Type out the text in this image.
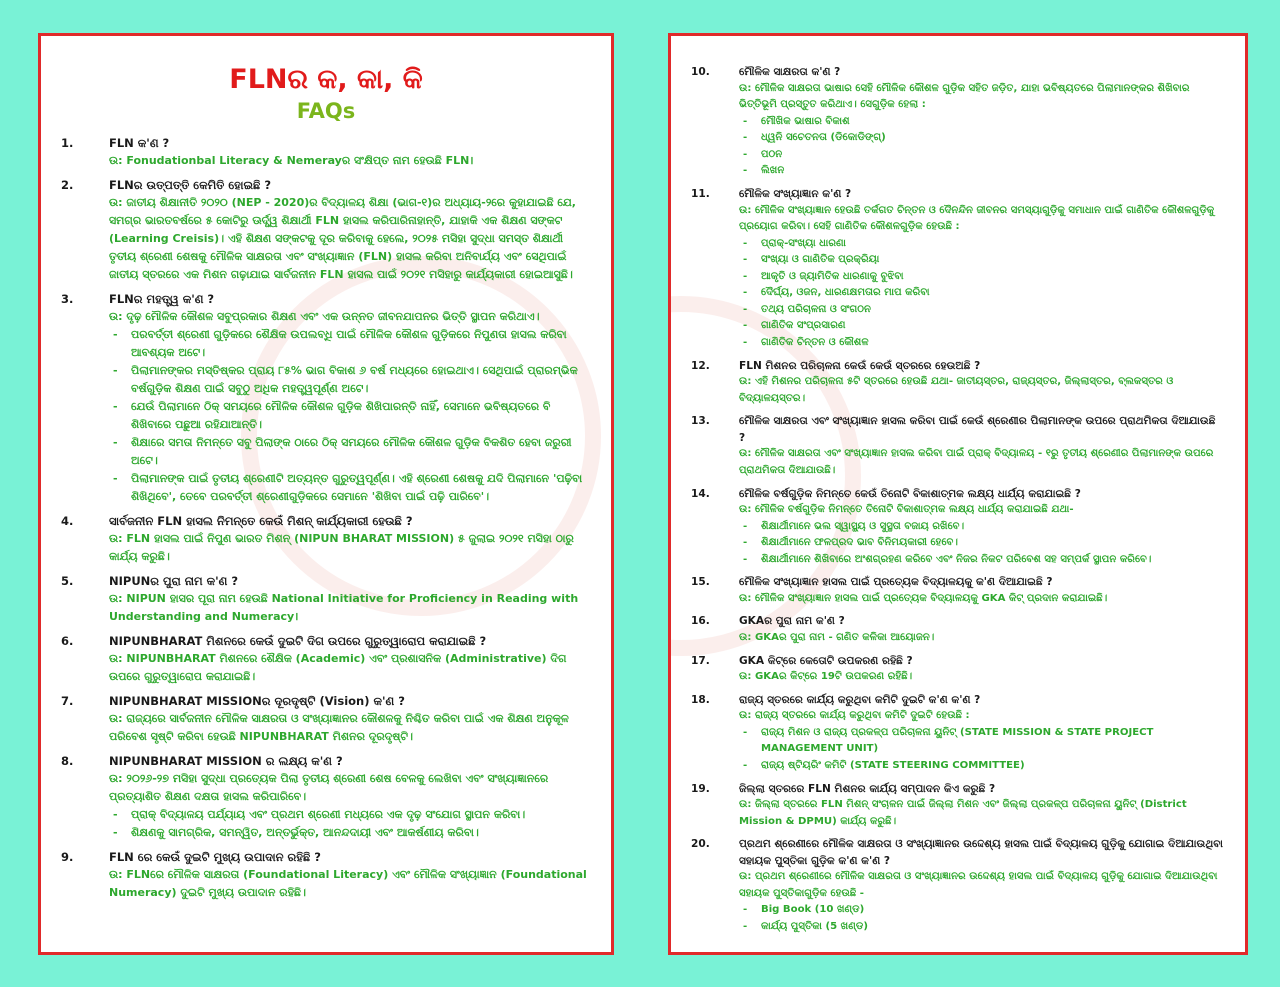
FLNର କ, କା, କି
FAQs
1.	FLN କ'ଣ ?
ଉ: Fonudationbal Literacy & Nemerayର ସଂକ୍ଷିପ୍ତ ନାମ ହେଉଛି FLN।
2.	FLNର ଉତ୍ପତ୍ତି କେମିତି ହୋଇଛି ?
ଉ: ଜାତୀୟ ଶିକ୍ଷାନୀତି ୨୦୨୦ (NEP - 2020)ର ବିଦ୍ୟାଳୟ ଶିକ୍ଷା (ଭାଗ-୧)ର ଅଧ୍ୟାୟ-୨ରେ କୁହାଯାଇଛି ଯେ, ସମଗ୍ର ଭାରତବର୍ଷରେ ୫ କୋଟିରୁ ଊର୍ଦ୍ଧ୍ୱ ଶିକ୍ଷାର୍ଥୀ FLN ହାସଲ କରିପାରିନାହାନ୍ତି, ଯାହାକି ଏକ ଶିକ୍ଷଣ ସଙ୍କଟ (Learning Creisis)। ଏହି ଶିକ୍ଷଣ ସଙ୍କଟକୁ ଦୂର କରିବାକୁ ହେଲେ, ୨୦୨୫ ମସିହା ସୁଦ୍ଧା ସମସ୍ତ ଶିକ୍ଷାର୍ଥୀ ତୃତୀୟ ଶ୍ରେଣୀ ଶେଷକୁ ମୌଳିକ ସାକ୍ଷରତା ଏବଂ ସଂଖ୍ୟାଜ୍ଞାନ (FLN) ହାସଲ କରିବା ଅନିବାର୍ଯ୍ୟ ଏବଂ ସେଥିପାଇଁ ଜାତୀୟ ସ୍ତରରେ ଏକ ମିଶନ ଗଢ଼ାଯାଇ ସାର୍ବଜନୀନ FLN ହାସଲ ପାଇଁ ୨୦୨୧ ମସିହାରୁ କାର୍ଯ୍ୟକାରୀ ହୋଇଆସୁଛି।
3.	FLNର ମହତ୍ତ୍ୱ କ'ଣ ?
ଉ: ଦୃଢ଼ ମୌଳିକ କୌଶଳ ସବୁପ୍ରକାର ଶିକ୍ଷଣ ଏବଂ ଏକ ଉନ୍ନତ ଜୀବନଯାପନର ଭିତ୍ତି ସ୍ଥାପନ କରିଥାଏ।
- ପରବର୍ତ୍ତୀ ଶ୍ରେଣୀ ଗୁଡ଼ିକରେ ଶୈକ୍ଷିକ ଉପଲବ୍ଧି ପାଇଁ ମୌଳିକ କୌଶଳ ଗୁଡ଼ିକରେ ନିପୁଣତା ହାସଲ କରିବା ଆବଶ୍ୟକ ଅଟେ।
- ପିଲାମାନଙ୍କର ମସ୍ତିଷ୍କର ପ୍ରାୟ ୮୫% ଭାଗ ବିକାଶ ୬ ବର୍ଷ ମଧ୍ୟରେ ହୋଇଥାଏ। ସେଥିପାଇଁ ପ୍ରାରମ୍ଭିକ ବର୍ଷଗୁଡ଼ିକ ଶିକ୍ଷଣ ପାଇଁ ସବୁଠୁ ଅଧିକ ମହତ୍ତ୍ୱପୂର୍ଣ୍ଣ ଅଟେ।
- ଯେଉଁ ପିଲାମାନେ ଠିକ୍ ସମୟରେ ମୌଳିକ କୌଶଳ ଗୁଡ଼ିକ ଶିଖିପାରନ୍ତି ନାହିଁ, ସେମାନେ ଭବିଷ୍ୟତରେ ବି ଶିଖିବାରେ ପଛୁଆ ରହିଯାଆନ୍ତି।
- ଶିକ୍ଷାରେ ସମତା ନିମନ୍ତେ ସବୁ ପିଲାଙ୍କ ଠାରେ ଠିକ୍ ସମୟରେ ମୌଳିକ କୌଶଳ ଗୁଡ଼ିକ ବିକଶିତ ହେବା ଜରୁରୀ ଅଟେ।
- ପିଲାମାନଙ୍କ ପାଇଁ ତୃତୀୟ ଶ୍ରେଣୀଟି ଅତ୍ୟନ୍ତ ଗୁରୁତ୍ୱପୂର୍ଣ୍ଣ। ଏହି ଶ୍ରେଣୀ ଶେଷକୁ ଯଦି ପିଲାମାନେ 'ପଢ଼ିବା ଶିଖିଥିବେ', ତେବେ ପରବର୍ତ୍ତୀ ଶ୍ରେଣୀଗୁଡ଼ିକରେ ସେମାନେ 'ଶିଖିବା ପାଇଁ ପଢ଼ି ପାରିବେ'।
4.	ସାର୍ବଜନୀନ FLN ହାସଲ ନିମନ୍ତେ କେଉଁ ମିଶନ୍ କାର୍ଯ୍ୟକାରୀ ହେଉଛି ?
ଉ: FLN ହାସଲ ପାଇଁ ନିପୁଣ ଭାରତ ମିଶନ୍ (NIPUN BHARAT MISSION) ୫ ଜୁଲାଇ ୨୦୨୧ ମସିହା ଠାରୁ କାର୍ଯ୍ୟ କରୁଛି।
5.	NIPUNର ପୁରା ନାମ କ'ଣ ?
ଉ: NIPUN ହାସର ପୂରା ନାମ ହେଉଛି National Initiative for Proficiency in Reading with Understanding and Numeracy।
6.	NIPUNBHARAT ମିଶନରେ କେଉଁ ଦୁଇଟି ଦିଗ ଉପରେ ଗୁରୁତ୍ୱାରୋପ କରାଯାଇଛି ?
ଉ: NIPUNBHARAT ମିଶନରେ ଶୈକ୍ଷିକ (Academic) ଏବଂ ପ୍ରଶାସନିକ (Administrative) ଦିଗ ଉପରେ ଗୁରୁତ୍ୱାରୋପ କରାଯାଇଛି।
7.	NIPUNBHARAT MISSIONର ଦୂରଦୃଷ୍ଟି (Vision) କ'ଣ ?
ଉ: ରାଜ୍ୟରେ ସାର୍ବଜନୀନ ମୌଳିକ ସାକ୍ଷରତା ଓ ସଂଖ୍ୟାଜ୍ଞାନର କୌଶଳକୁ ନିଶ୍ଚିତ କରିବା ପାଇଁ ଏକ ଶିକ୍ଷଣ ଅନୁକୂଳ ପରିବେଶ ସୃଷ୍ଟି କରିବା ହେଉଛି NIPUNBHARAT ମିଶନର ଦୂରଦୃଷ୍ଟି।
8.	NIPUNBHARAT MISSION ର ଲକ୍ଷ୍ୟ କ'ଣ ?
ଉ: ୨୦୨୬-୨୭ ମସିହା ସୁଦ୍ଧା ପ୍ରତ୍ୟେକ ପିଲା ତୃତୀୟ ଶ୍ରେଣୀ ଶେଷ ବେଳକୁ ଲେଖିବା ଏବଂ ସଂଖ୍ୟାଜ୍ଞାନରେ ପ୍ରତ୍ୟାଶିତ ଶିକ୍ଷଣ ଦକ୍ଷତା ହାସଲ କରିପାରିବେ।
- ପ୍ରାକ୍ ବିଦ୍ୟାଳୟ ପର୍ଯ୍ୟାୟ ଏବଂ ପ୍ରଥମ ଶ୍ରେଣୀ ମଧ୍ୟରେ ଏକ ଦୃଢ଼ ସଂଯୋଗ ସ୍ଥାପନ କରିବା।
- ଶିକ୍ଷଣକୁ ସାମଗ୍ରିକ, ସମନ୍ୱିତ, ଅନ୍ତର୍ଭୁକ୍ତ, ଆନନ୍ଦଦାୟୀ ଏବଂ ଆକର୍ଷଣୀୟ କରିବା।
9.	FLN ରେ କେଉଁ ଦୁଇଟି ମୁଖ୍ୟ ଉପାଦାନ ରହିଛି ?
ଉ: FLNରେ ମୌଳିକ ସାକ୍ଷରତା (Foundational Literacy) ଏବଂ ମୌଳିକ ସଂଖ୍ୟାଜ୍ଞାନ (Foundational Numeracy) ଦୁଇଟି ମୁଖ୍ୟ ଉପାଦାନ ରହିଛି।
10.	ମୌଳିକ ସାକ୍ଷରତା କ'ଣ ?
ଉ: ମୌଳିକ ସାକ୍ଷରତା ଭାଷାର ସେହି ମୌଳିକ କୌଶଳ ଗୁଡ଼ିକ ସହିତ ଜଡ଼ିତ, ଯାହା ଭବିଷ୍ୟତରେ ପିଲାମାନଙ୍କର ଶିଖିବାର ଭିତ୍ତିଭୂମି ପ୍ରସ୍ତୁତ କରିଥାଏ। ସେଗୁଡ଼ିକ ହେଲା :
- ମୌଖିକ ଭାଷାର ବିକାଶ
- ଧ୍ୱନି ସଚେତନତା (ଡିକୋଡିଙ୍ଗ୍)
- ପଠନ
- ଲିଖନ
11.	ମୌଳିକ ସଂଖ୍ୟାଜ୍ଞାନ କ'ଣ ?
ଉ: ମୌଳିକ ସଂଖ୍ୟାଜ୍ଞାନ ହେଉଛି ତର୍କଗତ ଚିନ୍ତନ ଓ ଦୈନନ୍ଦିନ ଜୀବନର ସମସ୍ୟାଗୁଡ଼ିକୁ ସମାଧାନ ପାଇଁ ଗାଣିତିକ କୌଶଳଗୁଡ଼ିକୁ ପ୍ରୟୋଗ କରିବା। ସେହି ଗାଣିତିକ କୌଶଳଗୁଡ଼ିକ ହେଉଛି :
- ପ୍ରାକ୍-ସଂଖ୍ୟା ଧାରଣା
- ସଂଖ୍ୟା ଓ ଗାଣିତିକ ପ୍ରକ୍ରିୟା
- ଆକୃତି ଓ ଜ୍ୟାମିତିକ ଧାରଣାକୁ ବୁଝିବା
- ଦୈର୍ଘ୍ୟ, ଓଜନ, ଧାରଣକ୍ଷମତାର ମାପ କରିବା
- ତଥ୍ୟ ପରିଚାଳନା ଓ ସଂଗଠନ
- ଗାଣିତିକ ସଂପ୍ରସାରଣ
- ଗାଣିତିକ ଚିନ୍ତନ ଓ କୌଶଳ
12.	FLN ମିଶନର ପରିଚାଳନା କେଉଁ କେଉଁ ସ୍ତରରେ ହେଉଅଛି ?
ଉ: ଏହି ମିଶନର ପରିଚାଳନା ୫ଟି ସ୍ତରରେ ହେଉଛି ଯଥା- ଜାତୀୟସ୍ତର, ରାଜ୍ୟସ୍ତର, ଜିଲ୍ଲାସ୍ତର, ବ୍ଲକସ୍ତର ଓ ବିଦ୍ୟାଳୟସ୍ତର।
13.	ମୌଳିକ ସାକ୍ଷରତା ଏବଂ ସଂଖ୍ୟାଜ୍ଞାନ ହାସଲ କରିବା ପାଇଁ କେଉଁ ଶ୍ରେଣୀର ପିଲାମାନଙ୍କ ଉପରେ ପ୍ରାଥମିକତା ଦିଆଯାଉଛି ?
ଉ: ମୌଳିକ ସାକ୍ଷରତା ଏବଂ ସଂଖ୍ୟାଜ୍ଞାନ ହାସଲ କରିବା ପାଇଁ ପ୍ରାକ୍ ବିଦ୍ୟାଳୟ - ୧ରୁ ତୃତୀୟ ଶ୍ରେଣୀର ପିଲାମାନଙ୍କ ଉପରେ ପ୍ରାଥମିକତା ଦିଆଯାଉଛି।
14.	ମୌଳିକ ବର୍ଷଗୁଡ଼ିକ ନିମନ୍ତେ କେଉଁ ତିନୋଟି ବିକାଶାତ୍ମକ ଲକ୍ଷ୍ୟ ଧାର୍ଯ୍ୟ କରାଯାଇଛି ?
ଉ: ମୌଳିକ ବର୍ଷଗୁଡ଼ିକ ନିମନ୍ତେ ତିନୋଟି ବିକାଶାତ୍ମକ ଲକ୍ଷ୍ୟ ଧାର୍ଯ୍ୟ କରାଯାଇଛି ଯଥା-
- ଶିକ୍ଷାର୍ଥୀମାନେ ଭଲ ସ୍ୱାସ୍ଥ୍ୟ ଓ ସୁସ୍ଥତା ବଜାୟ ରଖିବେ।
- ଶିକ୍ଷାର୍ଥୀମାନେ ଫଳପ୍ରଦ ଭାବ ବିନିମୟକାରୀ ହେବେ।
- ଶିକ୍ଷାର୍ଥୀମାନେ ଶିଖିବାରେ ଅଂଶଗ୍ରହଣ କରିବେ ଏବଂ ନିଜର ନିକଟ ପରିବେଶ ସହ ସମ୍ପର୍କ ସ୍ଥାପନ କରିବେ।
15.	ମୌଳିକ ସଂଖ୍ୟାଜ୍ଞାନ ହାସଲ ପାଇଁ ପ୍ରତ୍ୟେକ ବିଦ୍ୟାଳୟକୁ କ'ଣ ଦିଆଯାଇଛି ?
ଉ: ମୌଳିକ ସଂଖ୍ୟାଜ୍ଞାନ ହାସଲ ପାଇଁ ପ୍ରତ୍ୟେକ ବିଦ୍ୟାଳୟକୁ GKA କିଟ୍ ପ୍ରଦାନ କରାଯାଇଛି।
16.	GKAର ପୁରା ନାମ କ'ଣ ?
ଉ: GKAର ପୁରା ନାମ - ଗଣିତ କଳିକା ଆୟୋଜନ।
17.	GKA କିଟ୍‌ରେ କେତୋଟି ଉପକରଣ ରହିଛି ?
ଉ: GKAର କିଟ୍‌ରେ 19ଟି ଉପକରଣ ରହିଛି।
18.	ରାଜ୍ୟ ସ୍ତରରେ କାର୍ଯ୍ୟ କରୁଥିବା କମିଟି ଦୁଇଟି କ'ଣ କ'ଣ ?
ଉ: ରାଜ୍ୟ ସ୍ତରରେ କାର୍ଯ୍ୟ କରୁଥିବା କମିଟି ଦୁଇଟି ହେଉଛି :
- ରାଜ୍ୟ ମିଶନ ଓ ରାଜ୍ୟ ପ୍ରକଳ୍ପ ପରିଚାଳନା ୟୁନିଟ୍ (STATE MISSION & STATE PROJECT MANAGEMENT UNIT)
- ରାଜ୍ୟ ଷ୍ଟିୟରିଂ କମିଟି (STATE STEERING COMMITTEE)
19.	ଜିଲ୍ଲା ସ୍ତରରେ FLN ମିଶନର କାର୍ଯ୍ୟ ସମ୍ପାଦନ କିଏ କରୁଛି ?
ଉ: ଜିଲ୍ଲା ସ୍ତରରେ FLN ମିଶନ୍ ସଂଚାଳନ ପାଇଁ ଜିଲ୍ଲା ମିଶନ ଏବଂ ଜିଲ୍ଲା ପ୍ରକଳ୍ପ ପରିଚାଳନା ୟୁନିଟ୍ (District Mission & DPMU) କାର୍ଯ୍ୟ କରୁଛି।
20.	ପ୍ରଥମ ଶ୍ରେଣୀରେ ମୌଳିକ ସାକ୍ଷରତା ଓ ସଂଖ୍ୟାଜ୍ଞାନର ଉଦ୍ଦେଶ୍ୟ ହାସଲ ପାଇଁ ବିଦ୍ୟାଳୟ ଗୁଡ଼ିକୁ ଯୋଗାଇ ଦିଆଯାଉଥିବା ସହାୟକ ପୁସ୍ତିକା ଗୁଡ଼ିକ କ'ଣ କ'ଣ ?
ଉ: ପ୍ରଥମ ଶ୍ରେଣୀରେ ମୌଳିକ ସାକ୍ଷରତା ଓ ସଂଖ୍ୟାଜ୍ଞାନର ଉଦ୍ଦେଶ୍ୟ ହାସଲ ପାଇଁ ବିଦ୍ୟାଳୟ ଗୁଡ଼ିକୁ ଯୋଗାଇ ଦିଆଯାଉଥିବା ସହାୟକ ପୁସ୍ତିକାଗୁଡ଼ିକ ହେଉଛି -
- Big Book (10 ଖଣ୍ଡ)
- କାର୍ଯ୍ୟ ପୁସ୍ତିକା (5 ଖଣ୍ଡ)
